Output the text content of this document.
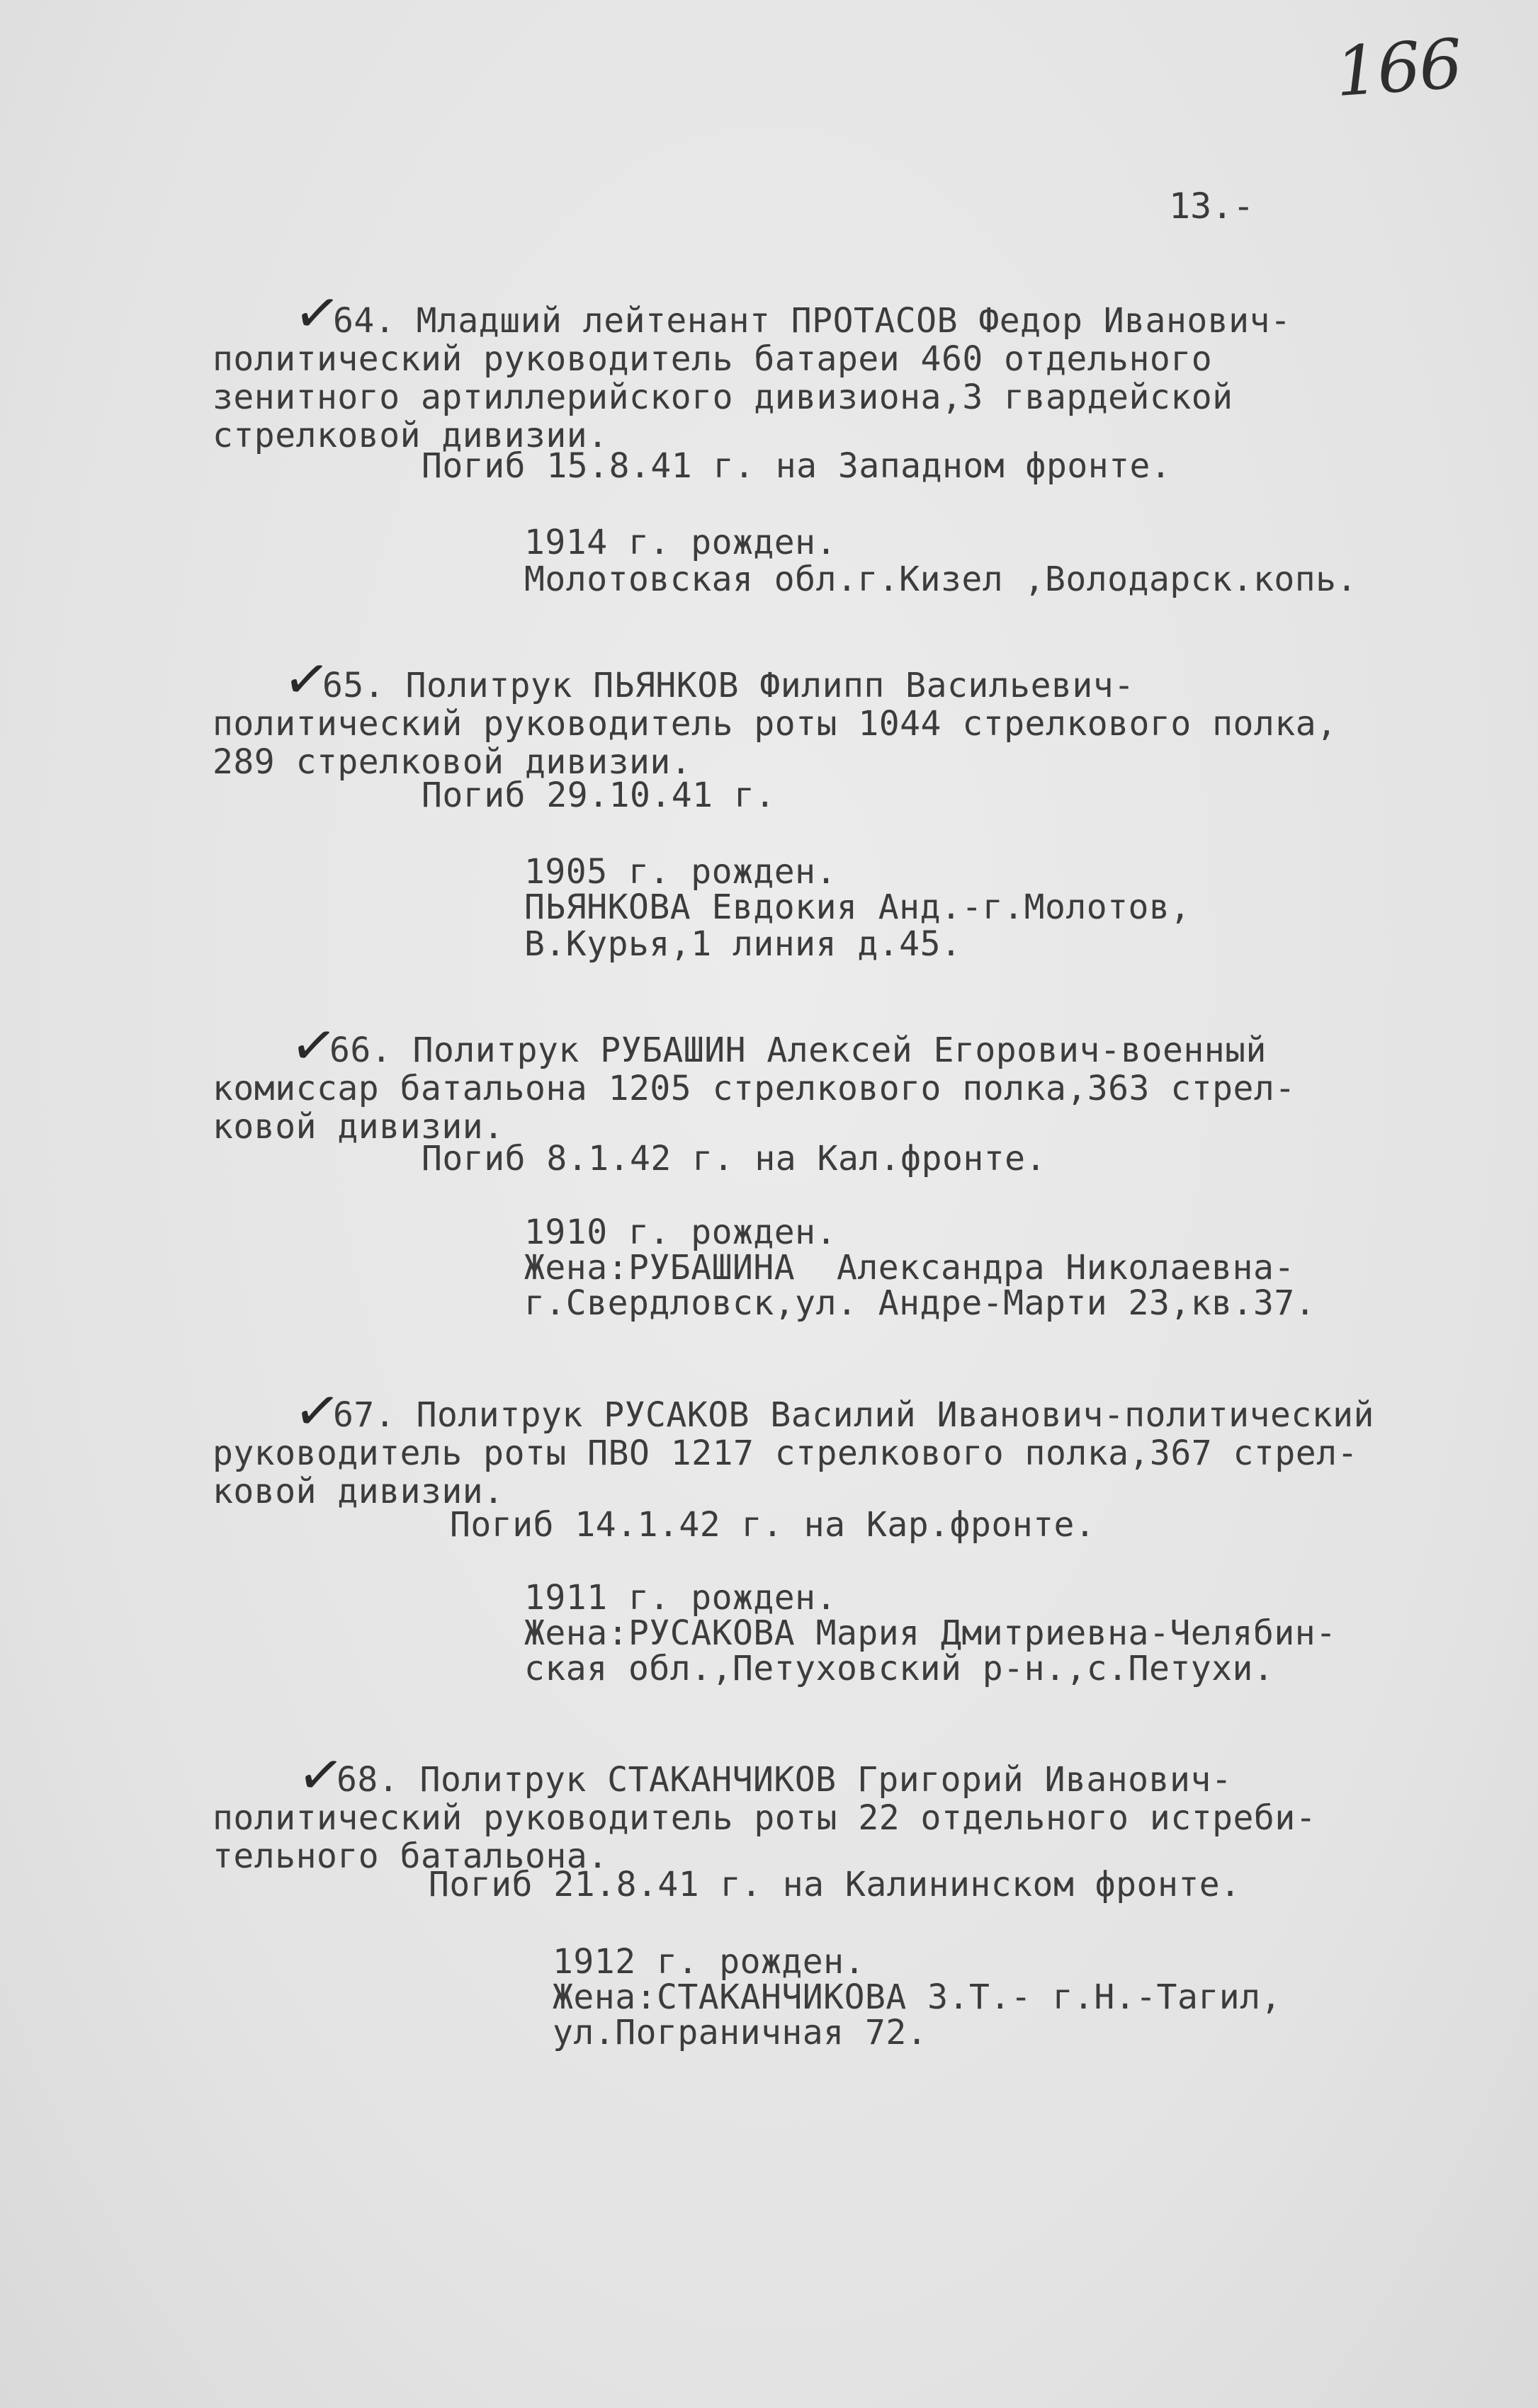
166
13.-
✓
64. Младший лейтенант ПРОТАСОВ Федор Иванович-
политический руководитель батареи 460 отдельного
зенитного артиллерийского дивизиона,3 гвардейской
стрелковой дивизии.
Погиб 15.8.41 г. на Западном фронте.
1914 г. рожден.
Молотовская обл.г.Кизел ,Володарск.копь.
✓
65. Политрук ПЬЯНКОВ Филипп Васильевич-
политический руководитель роты 1044 стрелкового полка,
289 стрелковой дивизии.
Погиб 29.10.41 г.
1905 г. рожден.
ПЬЯНКОВА Евдокия Анд.-г.Молотов,
В.Курья,1 линия д.45.
✓
66. Политрук РУБАШИН Алексей Егорович-военный
комиссар батальона 1205 стрелкового полка,363 стрел-
ковой дивизии.
Погиб 8.1.42 г. на Кал.фронте.
1910 г. рожден.
Жена:РУБАШИНА  Александра Николаевна-
г.Свердловск,ул. Андре-Марти 23,кв.37.
✓
67. Политрук РУСАКОВ Василий Иванович-политический
руководитель роты ПВО 1217 стрелкового полка,367 стрел-
ковой дивизии.
Погиб 14.1.42 г. на Кар.фронте.
1911 г. рожден.
Жена:РУСАКОВА Мария Дмитриевна-Челябин-
ская обл.,Петуховский р-н.,с.Петухи.
✓
68. Политрук СТАКАНЧИКОВ Григорий Иванович-
политический руководитель роты 22 отдельного истреби-
тельного батальона.
Погиб 21.8.41 г. на Калининском фронте.
1912 г. рожден.
Жена:СТАКАНЧИКОВА З.Т.- г.Н.-Тагил,
ул.Пограничная 72.
